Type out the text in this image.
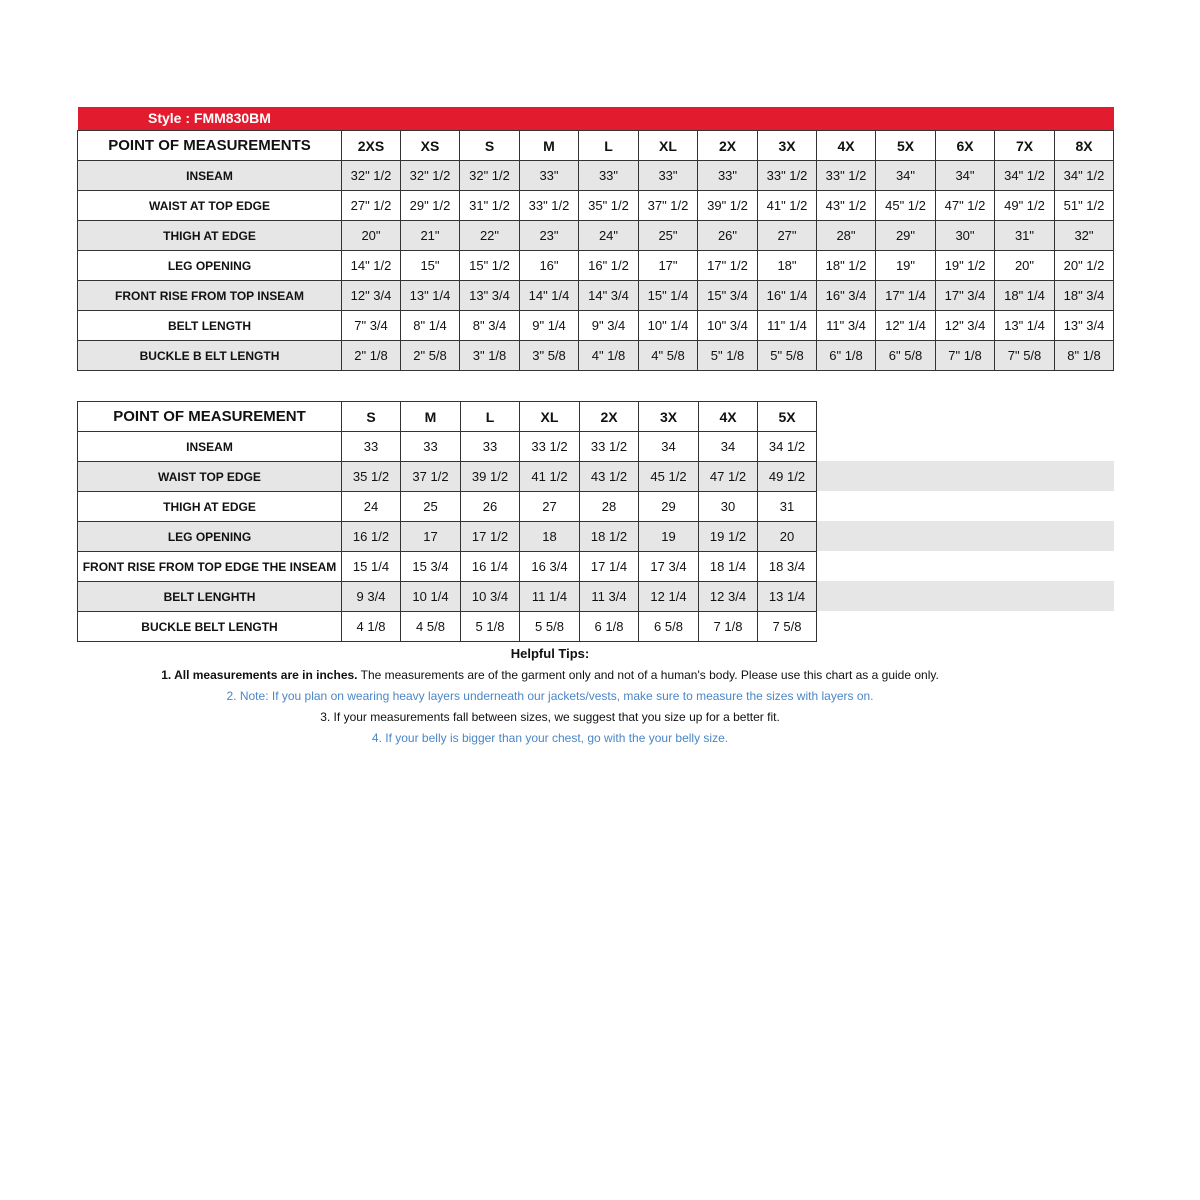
Style : FMM830BM
POINT OF MEASUREMENTS	2XS	XS	S	M	L	XL	2X	3X	4X	5X	6X	7X	8X
INSEAM	32" 1/2	32" 1/2	32" 1/2	33"	33"	33"	33"	33" 1/2	33" 1/2	34"	34"	34" 1/2	34" 1/2
WAIST AT TOP EDGE	27" 1/2	29" 1/2	31" 1/2	33" 1/2	35" 1/2	37" 1/2	39" 1/2	41" 1/2	43" 1/2	45" 1/2	47" 1/2	49" 1/2	51" 1/2
THIGH AT EDGE	20"	21"	22"	23"	24"	25"	26"	27"	28"	29"	30"	31"	32"
LEG OPENING	14" 1/2	15"	15" 1/2	16"	16" 1/2	17"	17" 1/2	18"	18" 1/2	19"	19" 1/2	20"	20" 1/2
FRONT RISE FROM TOP INSEAM	12" 3/4	13" 1/4	13" 3/4	14" 1/4	14" 3/4	15" 1/4	15" 3/4	16" 1/4	16" 3/4	17" 1/4	17" 3/4	18" 1/4	18" 3/4
BELT LENGTH	7" 3/4	8" 1/4	8" 3/4	9" 1/4	9" 3/4	10" 1/4	10" 3/4	11" 1/4	11" 3/4	12" 1/4	12" 3/4	13" 1/4	13" 3/4
BUCKLE B ELT LENGTH	2" 1/8	2" 5/8	3" 1/8	3" 5/8	4" 1/8	4" 5/8	5" 1/8	5" 5/8	6" 1/8	6" 5/8	7" 1/8	7" 5/8	8" 1/8
POINT OF MEASUREMENT	S	M	L	XL	2X	3X	4X	5X
INSEAM	33	33	33	33 1/2	33 1/2	34	34	34 1/2
WAIST TOP EDGE	35 1/2	37 1/2	39 1/2	41 1/2	43 1/2	45 1/2	47 1/2	49 1/2
THIGH AT EDGE	24	25	26	27	28	29	30	31
LEG OPENING	16 1/2	17	17 1/2	18	18 1/2	19	19 1/2	20
FRONT RISE FROM TOP EDGE THE INSEAM	15 1/4	15 3/4	16 1/4	16 3/4	17 1/4	17 3/4	18 1/4	18 3/4
BELT LENGHTH	9 3/4	10 1/4	10 3/4	11 1/4	11 3/4	12 1/4	12 3/4	13 1/4
BUCKLE BELT LENGTH	4 1/8	4 5/8	5 1/8	5 5/8	6 1/8	6 5/8	7 1/8	7 5/8
Helpful Tips:
1. All measurements are in inches. The measurements are of the garment only and not of a human's body. Please use this chart as a guide only.
2. Note: If you plan on wearing heavy layers underneath our jackets/vests, make sure to measure the sizes with layers on.
3. If your measurements fall between sizes, we suggest that you size up for a better fit.
4. If your belly is bigger than your chest, go with the your belly size.
